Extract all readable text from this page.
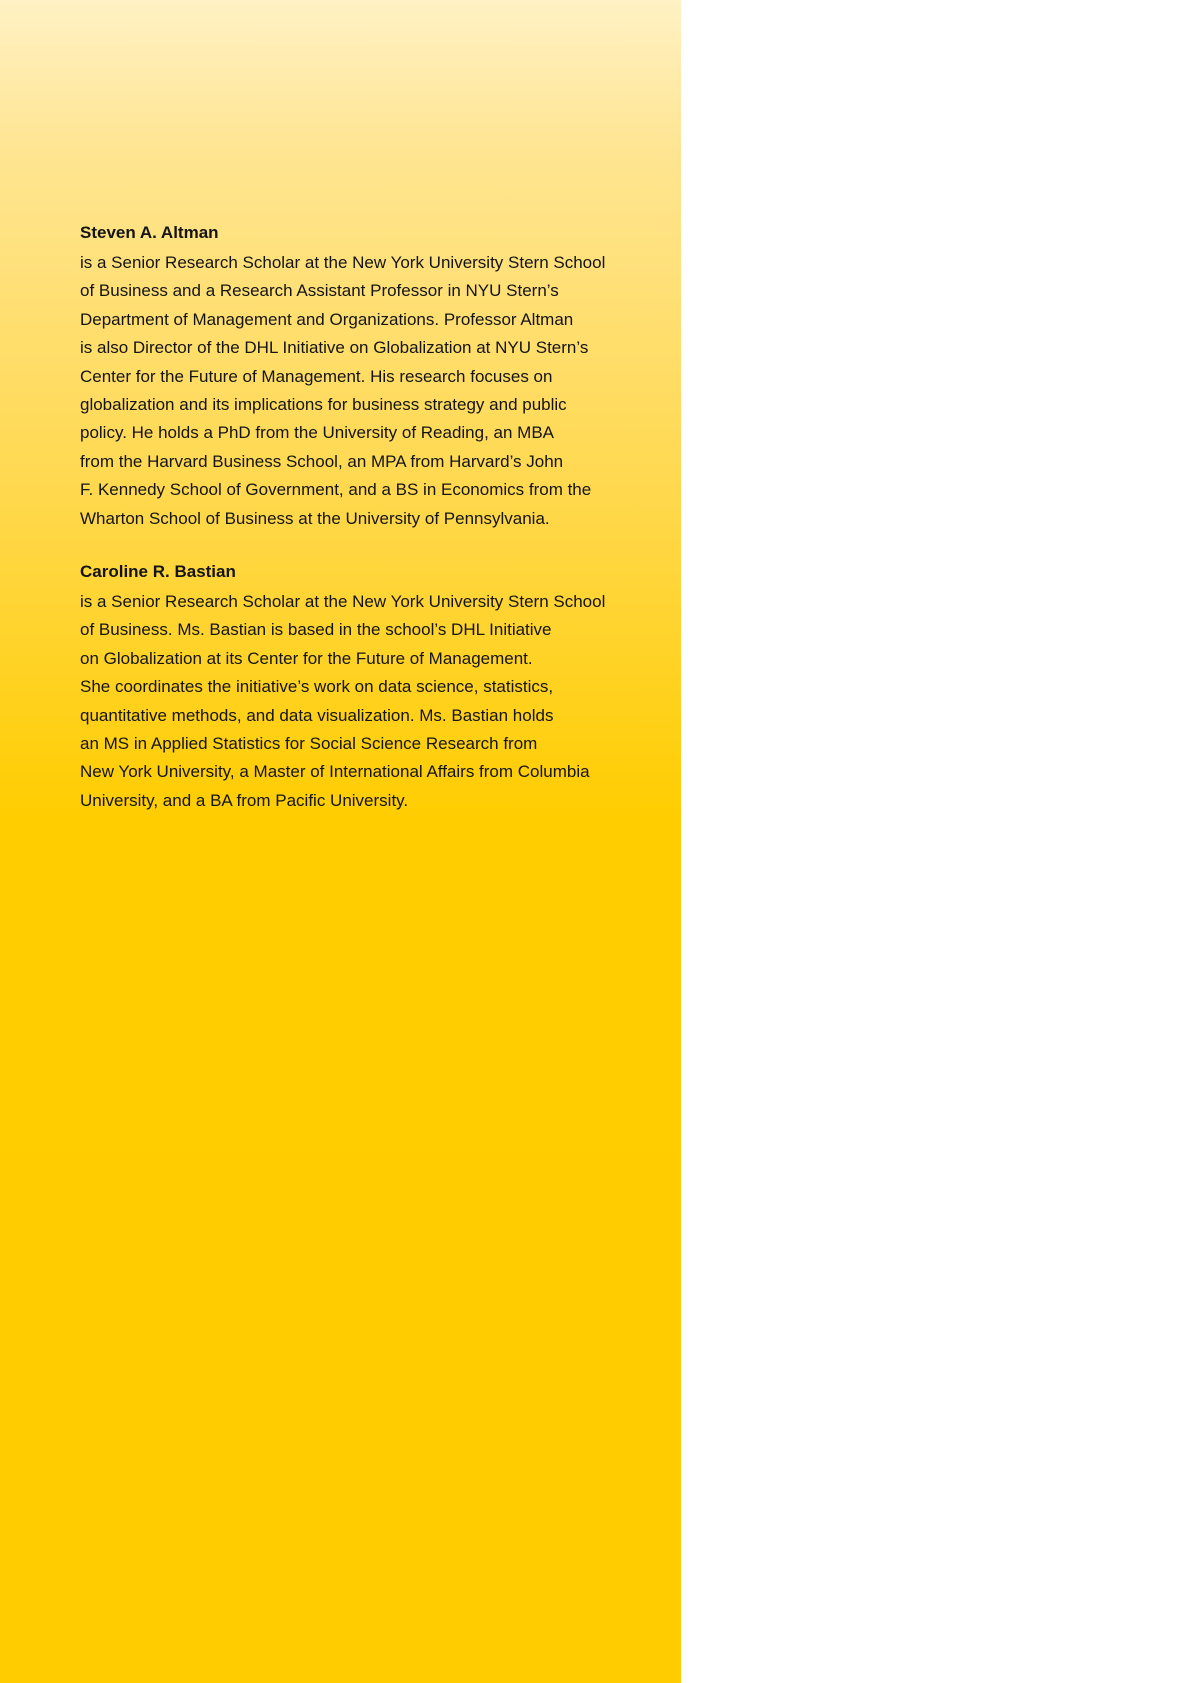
Steven A. Altman

is a Senior Research Scholar at the New York University Stern School
of Business and a Research Assistant Professor in NYU Stern’s
Department of Management and Organizations. Professor Altman
is also Director of the DHL Initiative on Globalization at NYU Stern’s
Center for the Future of Management. His research focuses on
globalization and its implications for business strategy and public
policy. He holds a PhD from the University of Reading, an MBA
from the Harvard Business School, an MPA from Harvard’s John
F. Kennedy School of Government, and a BS in Economics from the
Wharton School of Business at the University of Pennsylvania.

Caroline R. Bastian

is a Senior Research Scholar at the New York University Stern School
of Business. Ms. Bastian is based in the school’s DHL Initiative
on Globalization at its Center for the Future of Management.
She coordinates the initiative’s work on data science, statistics,
quantitative methods, and data visualization. Ms. Bastian holds
an MS in Applied Statistics for Social Science Research from
New York University, a Master of International Affairs from Columbia
University, and a BA from Pacific University.
